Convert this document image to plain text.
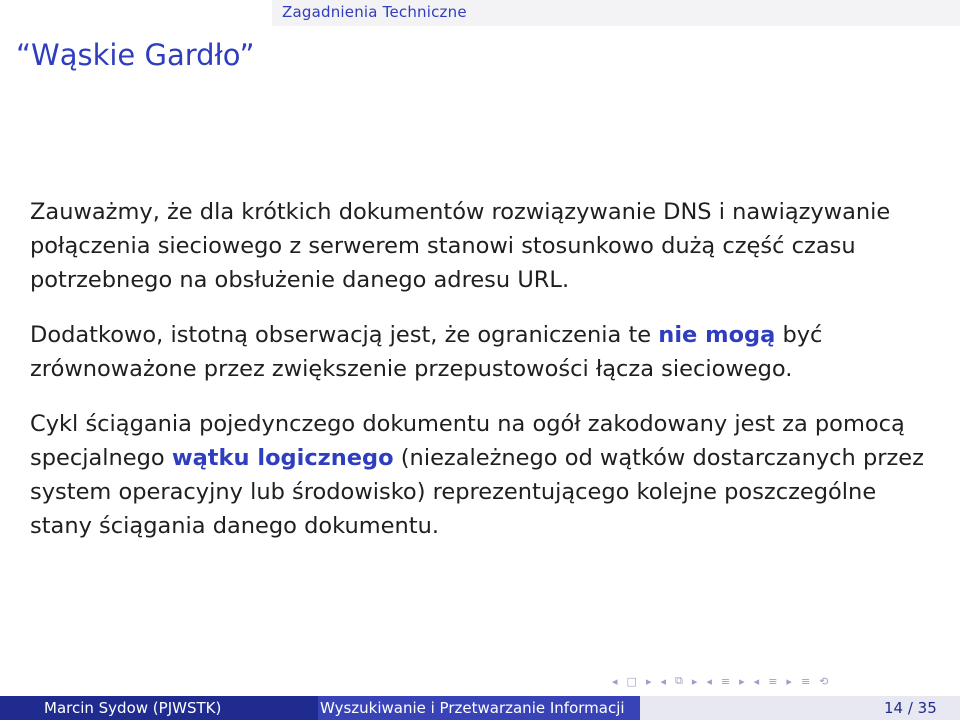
Zagadnienia Techniczne
“Wąskie Gardło”

Zauważmy, że dla krótkich dokumentów rozwiązywanie DNS i nawiązywanie połączenia sieciowego z serwerem stanowi stosunkowo dużą część czasu potrzebnego na obsłużenie danego adresu URL.

Dodatkowo, istotną obserwacją jest, że ograniczenia te nie mogą być zrównoważone przez zwiększenie przepustowości łącza sieciowego.

Cykl ściągania pojedynczego dokumentu na ogół zakodowany jest za pomocą specjalnego wątku logicznego (niezależnego od wątków dostarczanych przez system operacyjny lub środowisko) reprezentującego kolejne poszczególne stany ściągania danego dokumentu.

◂ □ ▸ ◂ ⧉ ▸ ◂ ≡ ▸ ◂ ≡ ▸ ≡ ⟲
Marcin Sydow (PJWSTK)	Wyszukiwanie i Przetwarzanie Informacji	14 / 35
